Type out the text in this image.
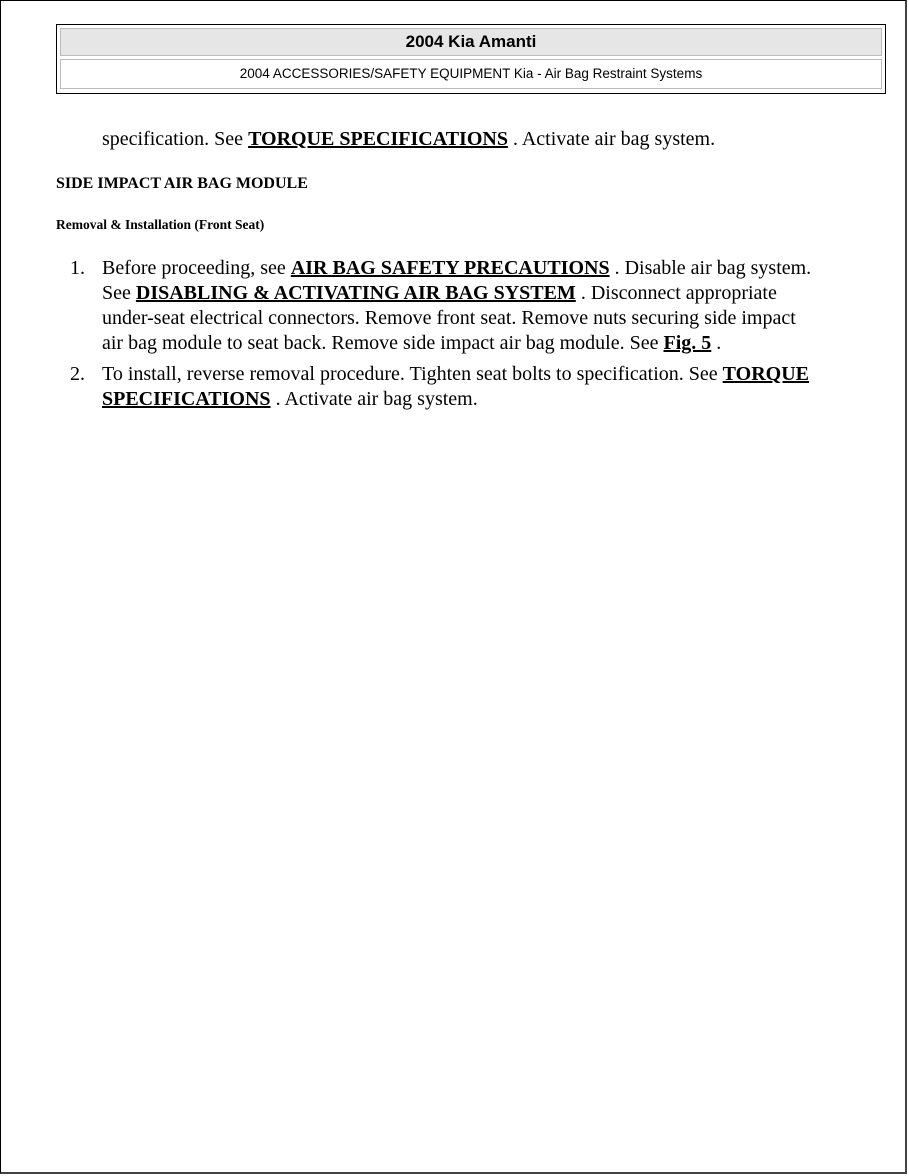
2004 Kia Amanti
2004 ACCESSORIES/SAFETY EQUIPMENT Kia - Air Bag Restraint Systems
specification. See TORQUE SPECIFICATIONS . Activate air bag system.
SIDE IMPACT AIR BAG MODULE
Removal & Installation (Front Seat)
1. Before proceeding, see AIR BAG SAFETY PRECAUTIONS . Disable air bag system.
See DISABLING & ACTIVATING AIR BAG SYSTEM . Disconnect appropriate
under-seat electrical connectors. Remove front seat. Remove nuts securing side impact
air bag module to seat back. Remove side impact air bag module. See Fig. 5 .
2. To install, reverse removal procedure. Tighten seat bolts to specification. See TORQUE
SPECIFICATIONS . Activate air bag system.
